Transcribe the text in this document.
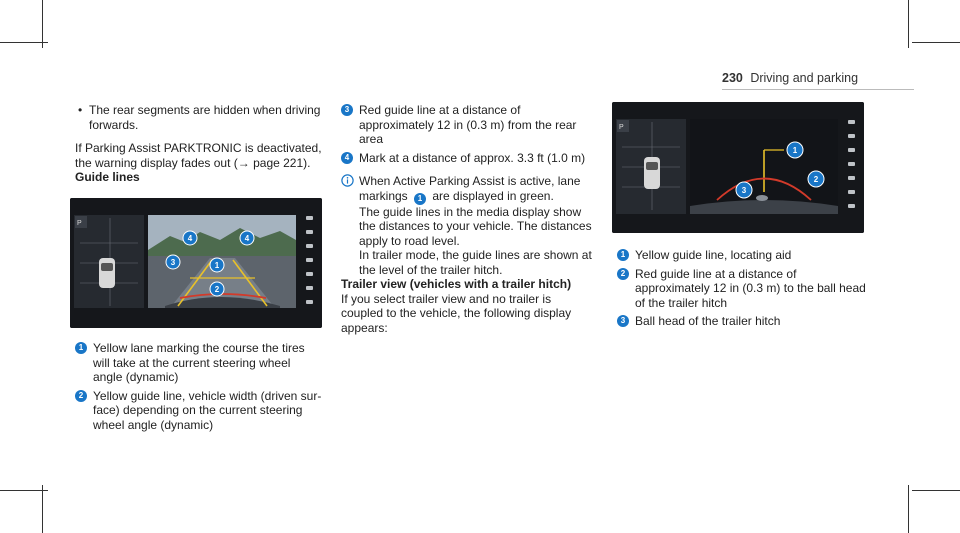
230 Driving and parking

• The rear segments are hidden when driving forwards.

If Parking Assist PARKTRONIC is deactivated, the warning display fades out (→ page 221).

Guide lines

P
4	4
3	1
2
1 Yellow lane marking the course the tires will take at the current steering wheel angle (dynamic)
2 Yellow guide line, vehicle width (driven surface) depending on the current steering wheel angle (dynamic)
3 Red guide line at a distance of approximately 12 in (0.3 m) from the rear area
4 Mark at a distance of approx. 3.3 ft (1.0 m)

When Active Parking Assist is active, lane markings 1 are displayed in green.

The guide lines in the media display show the distances to your vehicle. The distances apply to road level.

In trailer mode, the guide lines are shown at the level of the trailer hitch.

Trailer view (vehicles with a trailer hitch)

If you select trailer view and no trailer is coupled to the vehicle, the following display appears:

P
1
2
3
1 Yellow guide line, locating aid
2 Red guide line at a distance of approximately 12 in (0.3 m) to the ball head of the trailer hitch
3 Ball head of the trailer hitch
